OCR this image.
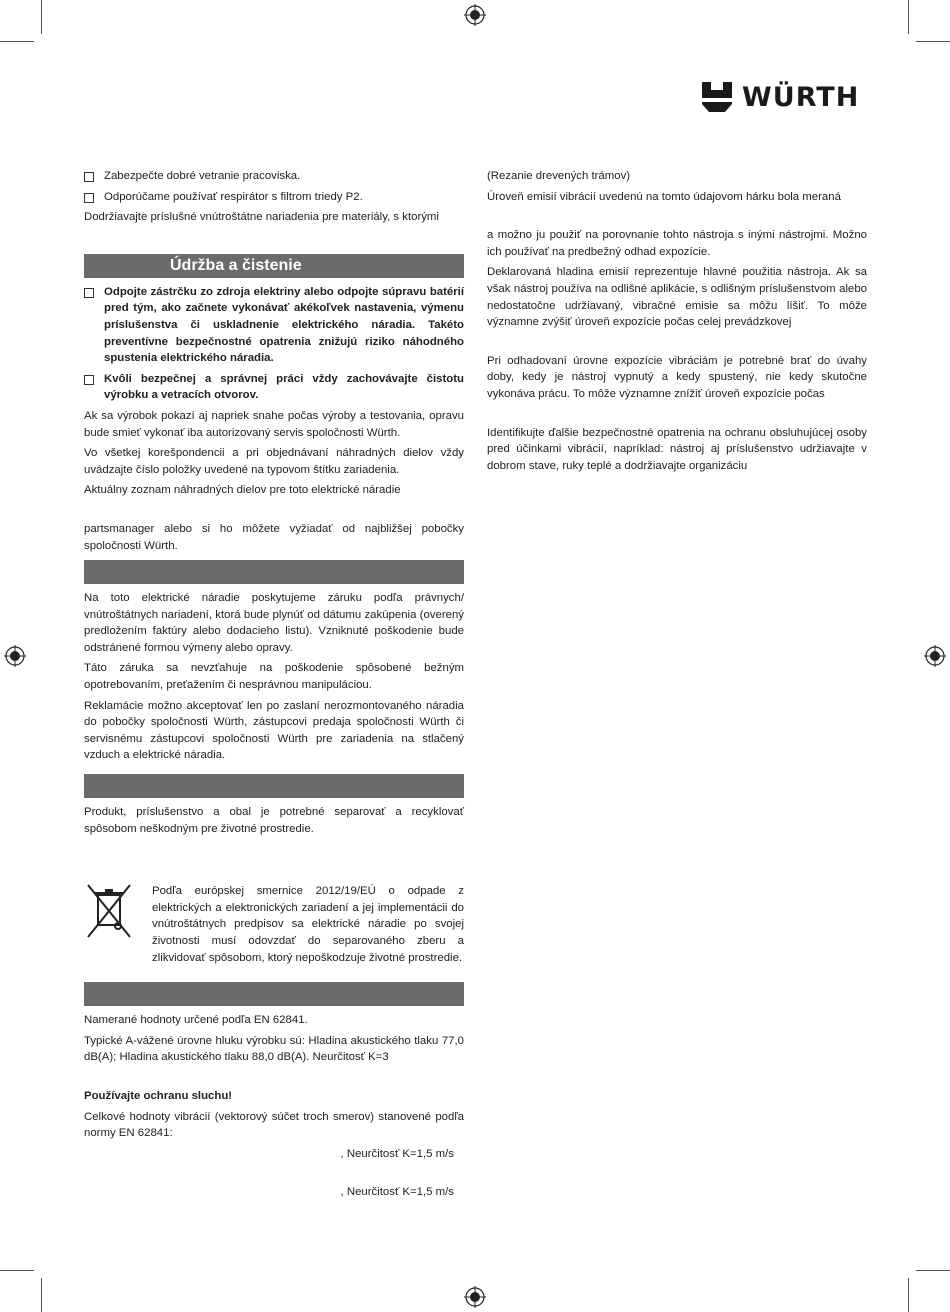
WÜRTH
Zabezpečte dobré vetranie pracoviska.
Odporúčame používať respirátor s filtrom triedy P2.

Dodržiavajte príslušné vnútroštátne nariadenia pre materiály, s ktorými

Údržba a čistenie
Odpojte zástrčku zo zdroja elektriny alebo odpojte súpravu batérií pred tým, ako začnete vykonávať akékoľvek nastavenia, výmenu príslušenstva či uskladnenie elektrického náradia. Takéto preventívne bezpečnostné opatrenia znižujú riziko náhodného spustenia elektrického náradia.
Kvôli bezpečnej a správnej práci vždy zachovávajte čistotu výrobku a vetracích otvorov.

Ak sa výrobok pokazí aj napriek snahe počas výroby a testovania, opravu bude smieť vykonať iba autorizovaný servis spoločnosti Würth.

Vo všetkej korešpondencii a pri objednávaní náhradných dielov vždy uvádzajte číslo položky uvedené na typovom štítku zariadenia.

Aktuálny zoznam náhradných dielov pre toto elektrické náradie

partsmanager alebo si ho môžete vyžiadať od najbližšej pobočky spoločnosti Würth.

Na toto elektrické náradie poskytujeme záruku podľa právnych/ vnútroštátnych nariadení, ktorá bude plynúť od dátumu zakúpenia (overený predložením faktúry alebo dodacieho listu). Vzniknuté poškodenie bude odstránené formou výmeny alebo opravy.

Táto záruka sa nevzťahuje na poškodenie spôsobené bežným opotrebovaním, preťažením či nesprávnou manipuláciou.

Reklamácie možno akceptovať len po zaslaní nerozmontovaného náradia do pobočky spoločnosti Würth, zástupcovi predaja spoločnosti Würth či servisnému zástupcovi spoločnosti Würth pre zariadenia na stlačený vzduch a elektrické náradia.

Produkt, príslušenstvo a obal je potrebné separovať a recyklovať spôsobom neškodným pre životné prostredie.

Podľa európskej smernice 2012/19/EÚ o odpade z elektrických a elektronických zariadení a jej implementácii do vnútroštátnych predpisov sa elektrické náradie po svojej životnosti musí odovzdať do separovaného zberu a zlikvidovať spôsobom, ktorý nepoškodzuje životné prostredie.

Namerané hodnoty určené podľa EN 62841.

Typické A-vážené úrovne hluku výrobku sú: Hladina akustického tlaku 77,0 dB(A); Hladina akustického tlaku 88,0 dB(A). Neurčitosť K=3

Používajte ochranu sluchu!

Celkové hodnoty vibrácií (vektorový súčet troch smerov) stanovené podľa normy EN 62841:

, Neurčitosť K=1,5 m/s

, Neurčitosť K=1,5 m/s

(Rezanie drevených trámov)

Úroveň emisií vibrácií uvedenú na tomto údajovom hárku bola meraná

a možno ju použiť na porovnanie tohto nástroja s inými nástrojmi. Možno ich používať na predbežný odhad expozície.

Deklarovaná hladina emisií reprezentuje hlavné použitia nástroja. Ak sa však nástroj používa na odlišné aplikácie, s odlišným príslušenstvom alebo nedostatočne udržiavaný, vibračné emisie sa môžu líšiť. To môže významne zvýšiť úroveň expozície počas celej prevádzkovej

Pri odhadovaní úrovne expozície vibráciám je potrebné brať do úvahy doby, kedy je nástroj vypnutý a kedy spustený, nie kedy skutočne vykonáva prácu. To môže významne znížiť úroveň expozície počas

Identifikujte ďalšie bezpečnostné opatrenia na ochranu obsluhujúcej osoby pred účinkami vibrácií, napríklad: nástroj aj príslušenstvo udržiavajte v dobrom stave, ruky teplé a dodržiavajte organizáciu
